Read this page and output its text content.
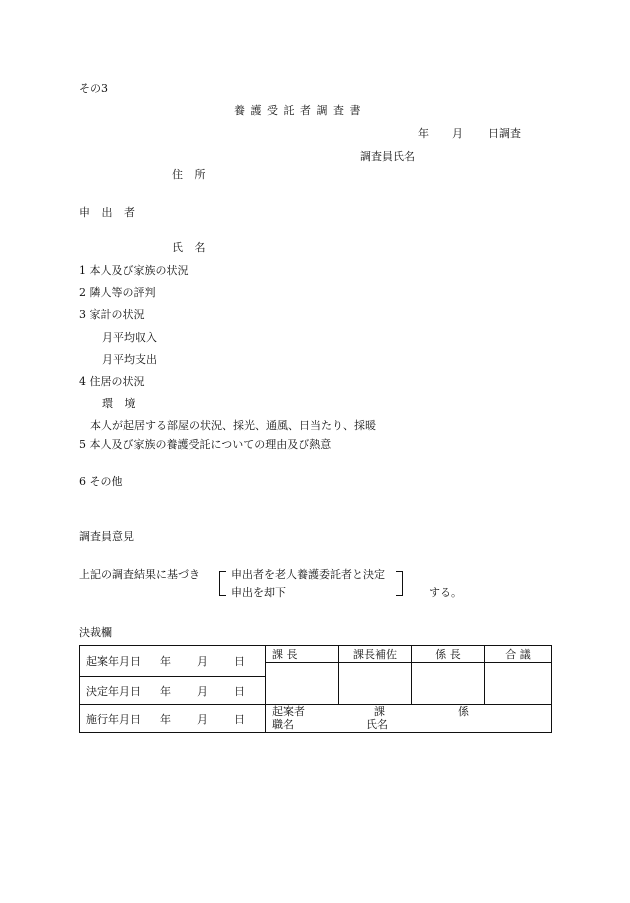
その3
養 護 受 託 者 調 査 書
年 月 日調査
調査員氏名
住 所
申 出 者
氏 名
1 本人及び家族の状況
2 隣人等の評判
3 家計の状況
月平均収入
月平均支出
4 住居の状況
環 境
本人が起居する部屋の状況、採光、通風、日当たり、採暖
5 本人及び家族の養護受託についての理由及び熱意
6 その他
調査員意見
上記の調査結果に基づき	申出者を老人養護委託者と決定
申出を却下	する。
決裁欄
起案年月日 年 月 日	課 長	課長補佐	係 長	合 議

決定年月日 年 月 日				

施行年月日 年 月 日	起案者 課 係
職名 氏名			
